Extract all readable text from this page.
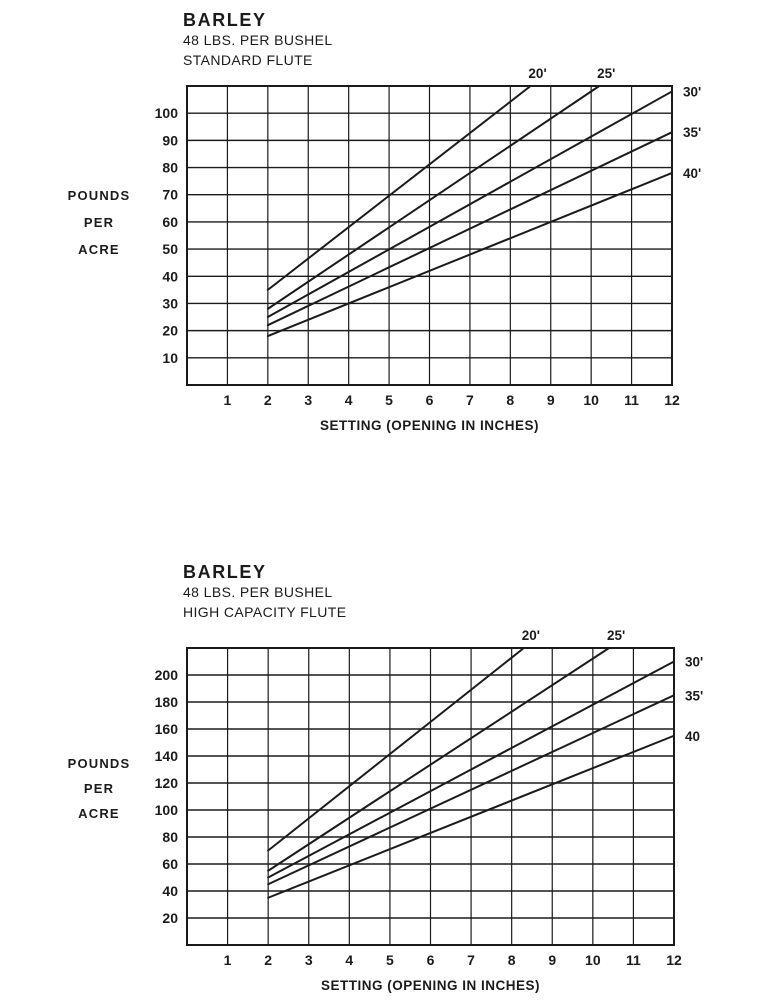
10
20
30
40
50
60
70
80
90
100
1 2 3 4 5 6 7 8 9 10 11 12
20'	25'
30'
35'
40'
SETTING (OPENING IN INCHES)
20
40
60
80
100
120
140
160
180
200
1 2 3 4 5 6 7 8 9 10 11 12
20'	25'
30'
35'
40
SETTING (OPENING IN INCHES)
BARLEY
48 LBS. PER BUSHEL
STANDARD FLUTE
POUNDS
PER
ACRE
BARLEY
48 LBS. PER BUSHEL
HIGH CAPACITY FLUTE
POUNDS
PER
ACRE
